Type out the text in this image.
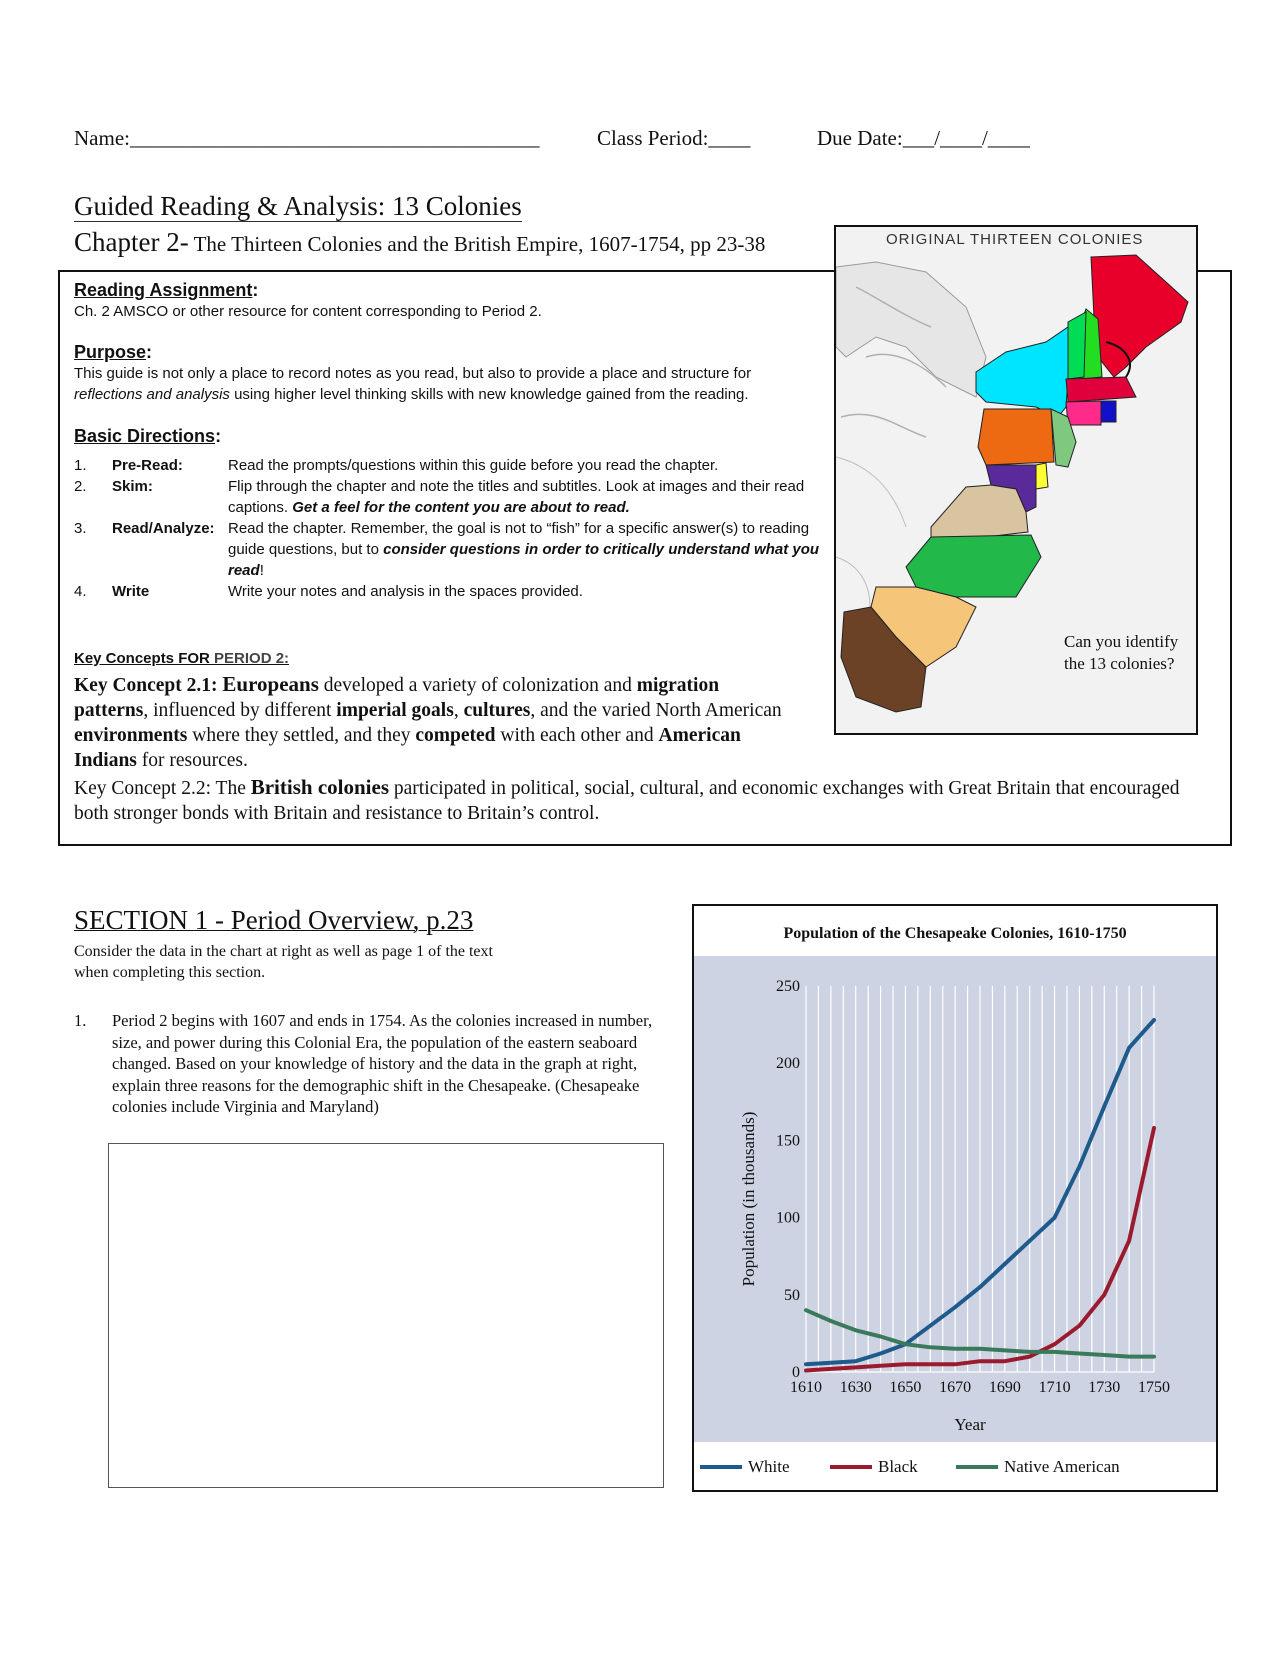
Name:_______________________________________	Class Period:____	Due Date:___/____/____
Guided Reading & Analysis: 13 Colonies
Chapter 2- The Thirteen Colonies and the British Empire, 1607-1754, pp 23-38
Reading Assignment:
Ch. 2 AMSCO or other resource for content corresponding to Period 2.
Purpose:
This guide is not only a place to record notes as you read, but also to provide a place and structure for
reflections and analysis using higher level thinking skills with new knowledge gained from the reading.
Basic Directions:
1.	Pre-Read:	Read the prompts/questions within this guide before you read the chapter.
2.	Skim:	Flip through the chapter and note the titles and subtitles. Look at images and their read captions. Get a feel for the content you are about to read.
3.	Read/Analyze: Read the chapter. Remember, the goal is not to “fish” for a specific answer(s) to reading guide questions, but to consider questions in order to critically understand what you read!
4.	Write	Write your notes and analysis in the spaces provided.
Key Concepts FOR PERIOD 2:
Key Concept 2.1: Europeans developed a variety of colonization and migration patterns, influenced by different imperial goals, cultures, and the varied North American environments where they settled, and they competed with each other and American Indians for resources.
Key Concept 2.2: The British colonies participated in political, social, cultural, and economic exchanges with Great Britain that encouraged both stronger bonds with Britain and resistance to Britain’s control.
ORIGINAL THIRTEEN COLONIES
Can you identify the 13 colonies?
SECTION 1 - Period Overview, p.23
Consider the data in the chart at right as well as page 1 of the text when completing this section.
1.	Period 2 begins with 1607 and ends in 1754. As the colonies increased in number, size, and power during this Colonial Era, the population of the eastern seaboard changed. Based on your knowledge of history and the data in the graph at right, explain three reasons for the demographic shift in the Chesapeake. (Chesapeake colonies include Virginia and Maryland)
Population of the Chesapeake Colonies, 1610-1750
0
50
100
150
200
250
1610 1630 1650 1670 1690 1710 1730 1750
Year
Population (in thousands)
White	Black	Native American
